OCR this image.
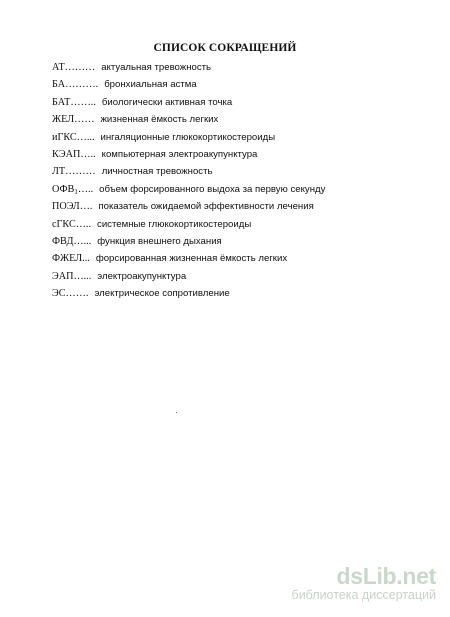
СПИСОК СОКРАЩЕНИЙ
АТ……… актуальная тревожность
БА………. бронхиальная астма
БАТ…….. биологически активная точка
ЖЕЛ…… жизненная ёмкость легких
иГКС…... ингаляционные глюкокортикостероиды
КЭАП….. компьютерная электроакупунктура
ЛТ……… личностная тревожность
$ОФВ_1\dots$.. объем форсированного выдоха за первую секунду
ПОЭЛ…. показатель ожидаемой эффективности лечения
сГКС….. системные глюкокортикостероиды
ФВД…... функция внешнего дыхания
ФЖЕЛ... форсированная жизненная ёмкость легких
ЭАП…... электроакупунктура
ЭС……. электрическое сопротивление
dsLib.net
библиотека диссертаций
